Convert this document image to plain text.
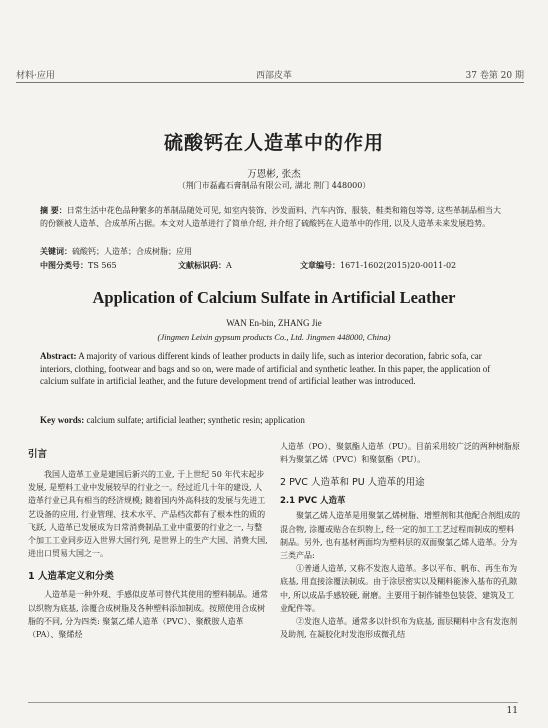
材料·应用	西部皮革	37 卷第 20 期
硫酸钙在人造革中的作用
万恩彬, 张杰
（荆门市磊鑫石膏制品有限公司, 湖北 荆门 448000）
摘 要：日常生活中花色品种繁多的革制品随处可见, 如室内装饰、沙发面料、汽车内饰、服装、鞋类和箱包等等, 这些革制品相当大的份额被人造革、合成革所占据。本文对人造革进行了简单介绍, 并介绍了硫酸钙在人造革中的作用, 以及人造革未来发展趋势。
关键词：硫酸钙；人造革；合成树脂；应用
中图分类号：TS 565	文献标识码：A	文章编号：1671-1602(2015)20-0011-02
Application of Calcium Sulfate in Artificial Leather
WAN En-bin, ZHANG Jie
(Jingmen Leixin gypsum products Co., Ltd. Jingmen 448000, China)
Abstract: A majority of various different kinds of leather products in daily life, such as interior decoration, fabric sofa, car interiors, clothing, footwear and bags and so on, were made of artificial and synthetic leather. In this paper, the application of calcium sulfate in artificial leather, and the future development trend of artificial leather was introduced.
Key words: calcium sulfate; artificial leather; synthetic resin; application
引言

我国人造革工业是建国后新兴的工业, 于上世纪 50 年代末起步发展, 是塑料工业中发展较早的行业之一。经过近几十年的建设, 人造革行业已具有相当的经济规模; 随着国内外高科技的发展与先进工艺设备的应用, 行业管理、技术水平、产品档次都有了根本性的质的飞跃, 人造革已发展成为日常消费制品工业中重要的行业之一, 与整个加工工业同步迈入世界大国行列, 是世界上的生产大国、消费大国, 进出口贸易大国之一。

1 人造革定义和分类

人造革是一种外观、手感似皮革可替代其使用的塑料制品。通常以织物为底基, 涂覆合成树脂及各种塑料添加制成。按照使用合成树脂的不同, 分为四类: 聚氯乙烯人造革（PVC）、聚酰胺人造革（PA）、聚烯烃

人造革（PO）、聚氨酯人造革（PU）。目前采用较广泛的两种树脂原料为聚氯乙烯（PVC）和聚氨酯（PU）。

2 PVC 人造革和 PU 人造革的用途
2.1 PVC 人造革

聚氯乙烯人造革是用聚氯乙烯树脂、增塑剂和其他配合剂组成的混合物, 涂覆或贴合在织物上, 经一定的加工工艺过程而制成的塑料制品。另外, 也有基材两面均为塑料层的双面聚氯乙烯人造革。分为三类产品:

①普通人造革, 又称不发泡人造革。多以平布、帆布、再生布为底基, 用直接涂覆法制成。由于涂层密实以及糊料能渗入基布的孔隙中, 所以成品手感较硬, 耐磨。主要用于制作铺垫包装袋、建筑及工业配件等。

②发泡人造革。通常多以针织布为底基, 面层糊料中含有发泡剂及助剂, 在凝胶化时发泡形成微孔结

11
